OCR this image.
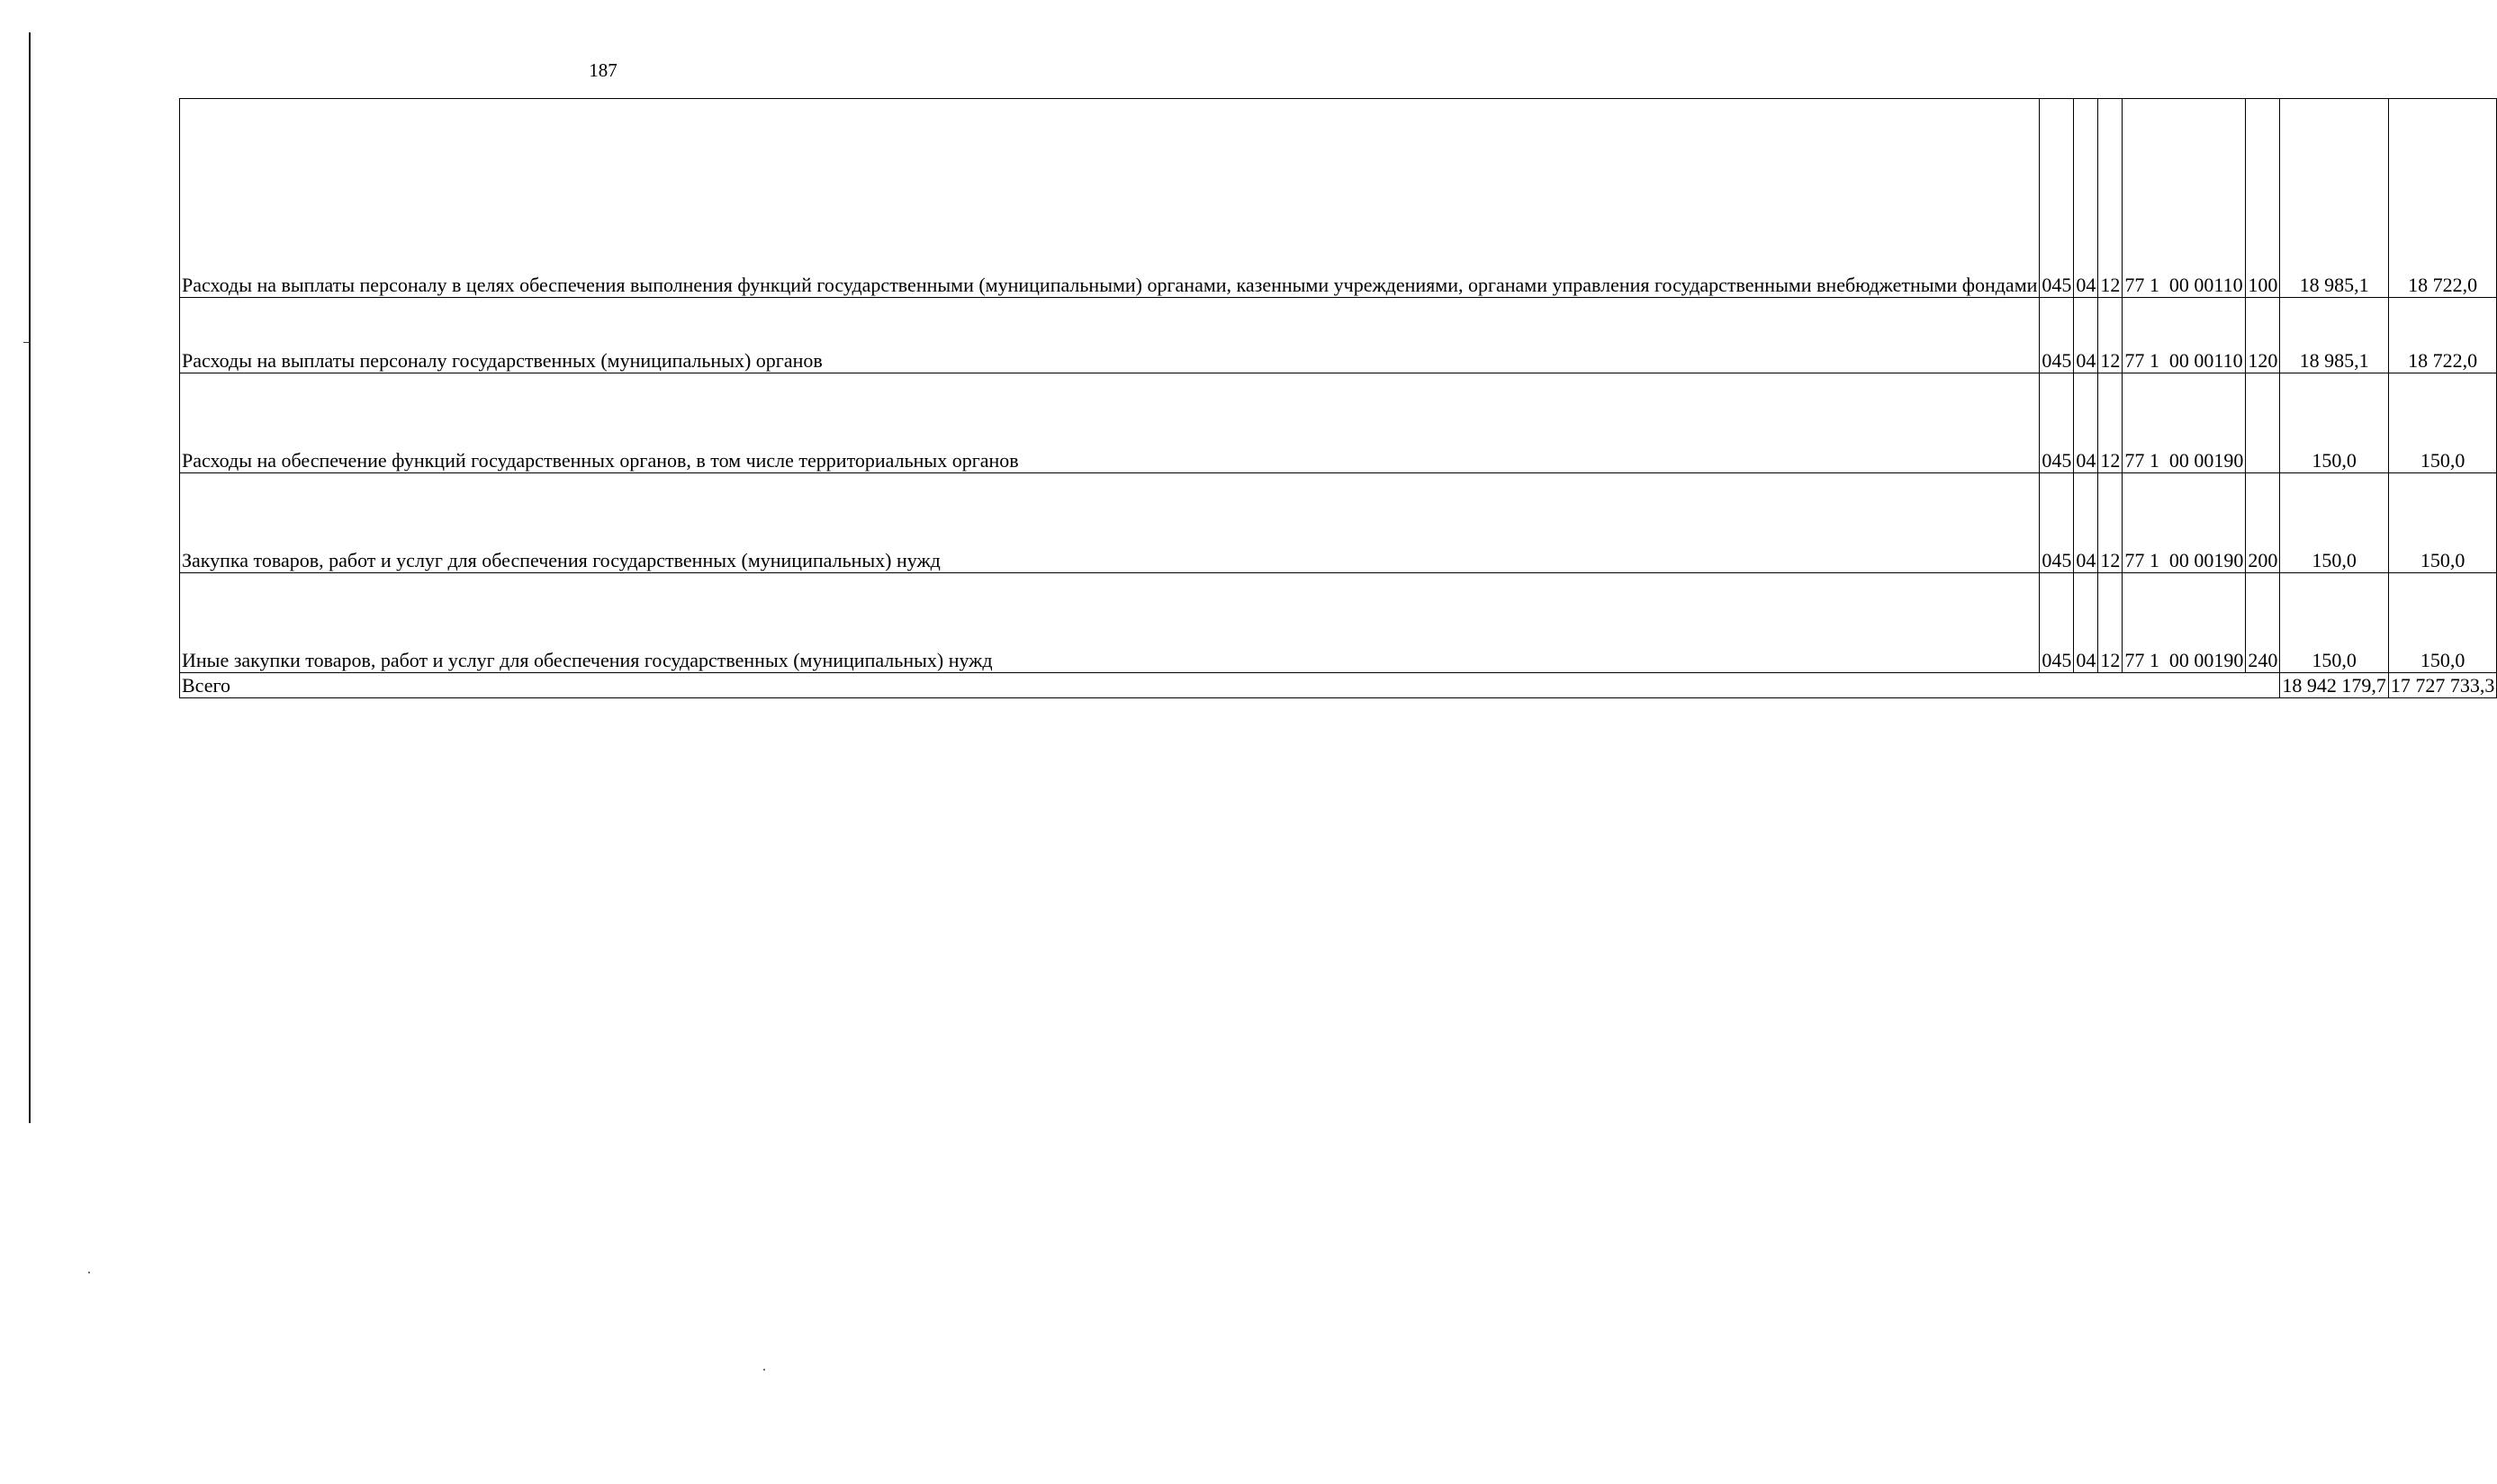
187
Расходы на выплаты персоналу в целях обеспечения выполнения функций государственными (муниципальными) органами, казенными учреждениями, органами управления государственными внебюджетными фондами	045	04	12	77 1  00 00110	100	18 985,1	18 722,0
Расходы на выплаты персоналу государственных (муниципальных) органов	045	04	12	77 1  00 00110	120	18 985,1	18 722,0
Расходы на обеспечение функций государственных органов, в том числе территориальных органов	045	04	12	77 1  00 00190		150,0	150,0
Закупка товаров, работ и услуг для обеспечения государственных (муниципальных) нужд	045	04	12	77 1  00 00190	200	150,0	150,0
Иные закупки товаров, работ и услуг для обеспечения государственных (муниципальных) нужд	045	04	12	77 1  00 00190	240	150,0	150,0
Всего						18 942 179,7	17 727 733,3
